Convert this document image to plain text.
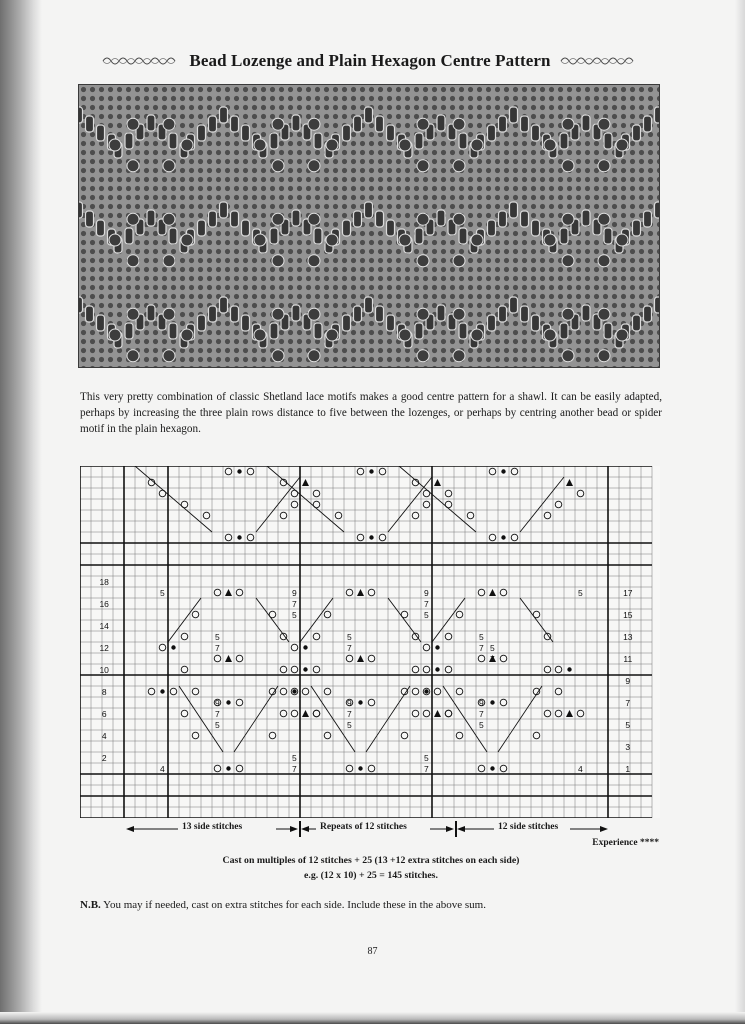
Bead Lozenge and Plain Hexagon Centre Pattern
This very pretty combination of classic Shetland lace motifs makes a good centre pattern for a shawl. It can be easily adapted, perhaps by increasing the three plain rows distance to five between the lozenges, or perhaps by centring another bead or spider motif in the plain hexagon.
5	9
7
5
9
7
5
5
5
7
5
7
5
7 5
7
9
7
5
9
7
5
9
7
5
4
5
7
5
7	4
18
16
14
12
10
8
6
4
2
17
15
13
11
9
7
5
3
1
13 side stitches	Repeats of 12 stitches	12 side stitches
Experience ****
Cast on multiples of 12 stitches + 25 (13 +12 extra stitches on each side)
e.g. (12 x 10) + 25 = 145 stitches.
N.B. You may if needed, cast on extra stitches for each side. Include these in the above sum.
87
